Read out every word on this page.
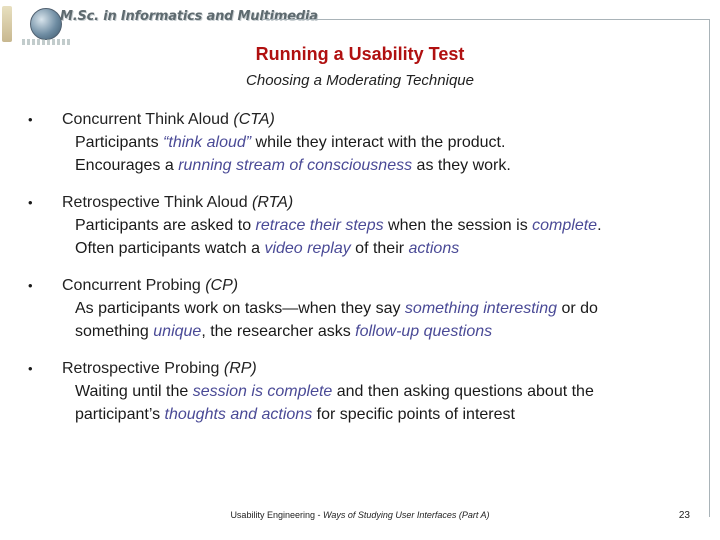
M.Sc. in Informatics and Multimedia
Running a Usability Test
Choosing a Moderating Technique
• Concurrent Think Aloud (CTA)
Participants “think aloud” while they interact with the product.
Encourages a running stream of consciousness as they work.
• Retrospective Think Aloud (RTA)
Participants are asked to retrace their steps when the session is complete.
Often participants watch a video replay of their actions
• Concurrent Probing (CP)
As participants work on tasks—when they say something interesting or do
something unique, the researcher asks follow-up questions
• Retrospective Probing (RP)
Waiting until the session is complete and then asking questions about the
participant’s thoughts and actions for specific points of interest
Usability Engineering - Ways of Studying User Interfaces (Part A)	23
